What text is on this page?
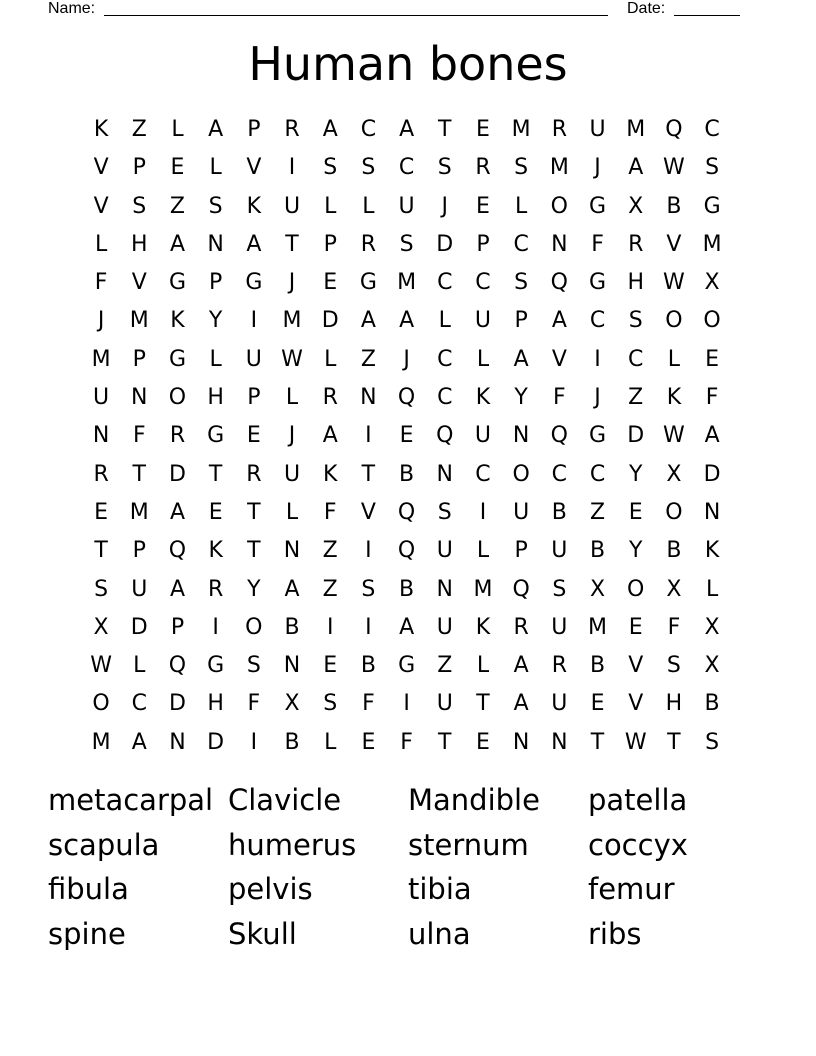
Name:	Date:
Human bones
K	Z	L	A	P	R	A	C	A	T	E M R	U M Q C
V	P	E	L	V	I	S	S	C	S	R	S M	J	A W S
V	S	Z	S	K	U	L	L	U	J	E	L	O G	X	B	G
L	H	A	N	A	T	P	R	S	D	P	C	N	F	R	V M
F	V	G	P	G	J	E	G M C	C	S	Q G H W X
J	M K	Y	I	M D	A	A	L	U	P	A	C	S	O O
M	P	G	L	U W L	Z	J	C	L	A	V	I	C	L	E
U N O H	P	L	R	N Q C	K	Y	F	J	Z	K	F
N	F	R	G	E	J	A	I	E	Q U N Q G D W A
R	T	D	T	R	U	K	T	B	N	C O C	C	Y	X	D
E M A	E	T	L	F	V Q	S	I	U	B	Z	E	O N
T	P	Q	K	T	N	Z	I	Q U	L	P	U	B	Y	B	K
S	U	A	R	Y	A	Z	S	B	N M Q	S	X O X	L
X	D	P	I	O B	I	I	A	U	K	R	U M E	F	X
W L	Q G	S	N	E	B	G	Z	L	A	R	B	V	S	X
O C	D H	F	X	S	F	I	U	T	A	U	E	V	H	B
M A	N D	I	B	L	E	F	T	E	N N	T W T	S
metacarpal Clavicle	Mandible	patella
scapula	humerus	sternum	coccyx
fibula	pelvis	tibia	femur
spine	Skull	ulna	ribs
